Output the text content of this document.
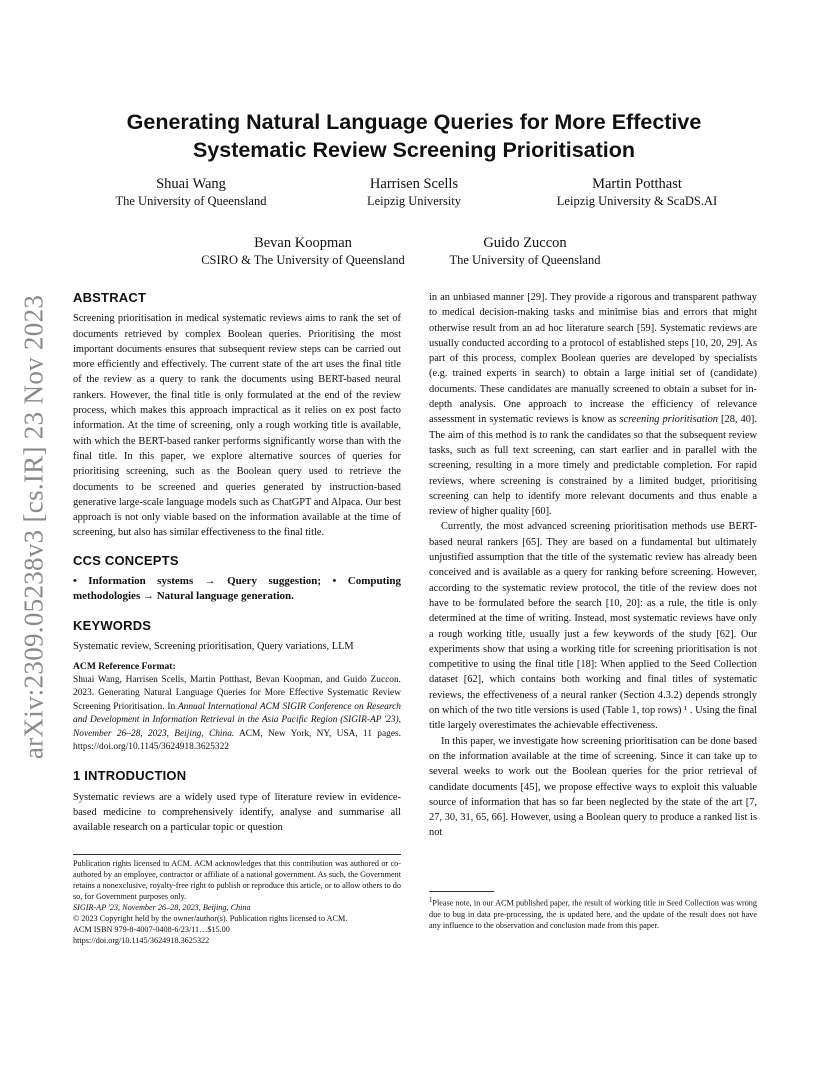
arXiv:2309.05238v3 [cs.IR] 23 Nov 2023
Generating Natural Language Queries for More Effective Systematic Review Screening Prioritisation
Shuai Wang
The University of Queensland
Harrisen Scells
Leipzig University
Martin Potthast
Leipzig University & ScaDS.AI
Bevan Koopman
CSIRO & The University of Queensland
Guido Zuccon
The University of Queensland
ABSTRACT

Screening prioritisation in medical systematic reviews aims to rank the set of documents retrieved by complex Boolean queries. Prioritising the most important documents ensures that subsequent review steps can be carried out more efficiently and effectively. The current state of the art uses the final title of the review as a query to rank the documents using BERT-based neural rankers. However, the final title is only formulated at the end of the review process, which makes this approach impractical as it relies on ex post facto information. At the time of screening, only a rough working title is available, with which the BERT-based ranker performs significantly worse than with the final title. In this paper, we explore alternative sources of queries for prioritising screening, such as the Boolean query used to retrieve the documents to be screened and queries generated by instruction-based generative large-scale language models such as ChatGPT and Alpaca. Our best approach is not only viable based on the information available at the time of screening, but also has similar effectiveness to the final title.

CCS CONCEPTS

• Information systems → Query suggestion; • Computing methodologies → Natural language generation.

KEYWORDS

Systematic review, Screening prioritisation, Query variations, LLM

ACM Reference Format:

Shuai Wang, Harrisen Scells, Martin Potthast, Bevan Koopman, and Guido Zuccon. 2023. Generating Natural Language Queries for More Effective Systematic Review Screening Prioritisation. In Annual International ACM SIGIR Conference on Research and Development in Information Retrieval in the Asia Pacific Region (SIGIR-AP '23), November 26–28, 2023, Beijing, China. ACM, New York, NY, USA, 11 pages. https://doi.org/10.1145/3624918.3625322

1 INTRODUCTION

Systematic reviews are a widely used type of literature review in evidence-based medicine to comprehensively identify, analyse and summarise all available research on a particular topic or question

Publication rights licensed to ACM. ACM acknowledges that this contribution was authored or co-authored by an employee, contractor or affiliate of a national government. As such, the Government retains a nonexclusive, royalty-free right to publish or reproduce this article, or to allow others to do so, for Government purposes only.

SIGIR-AP '23, November 26–28, 2023, Beijing, China
© 2023 Copyright held by the owner/author(s). Publication rights licensed to ACM.
ACM ISBN 979-8-4007-0408-6/23/11…$15.00
https://doi.org/10.1145/3624918.3625322

in an unbiased manner [29]. They provide a rigorous and transparent pathway to medical decision-making tasks and minimise bias and errors that might otherwise result from an ad hoc literature search [59]. Systematic reviews are usually conducted according to a protocol of established steps [10, 20, 29]. As part of this process, complex Boolean queries are developed by specialists (e.g. trained experts in search) to obtain a large initial set of (candidate) documents. These candidates are manually screened to obtain a subset for in-depth analysis. One approach to increase the efficiency of relevance assessment in systematic reviews is know as screening prioritisation [28, 40]. The aim of this method is to rank the candidates so that the subsequent review tasks, such as full text screening, can start earlier and in parallel with the screening, resulting in a more timely and predictable completion. For rapid reviews, where screening is constrained by a limited budget, prioritising screening can help to identify more relevant documents and thus enable a review of higher quality [60].

Currently, the most advanced screening prioritisation methods use BERT-based neural rankers [65]. They are based on a fundamental but ultimately unjustified assumption that the title of the systematic review has already been conceived and is available as a query for ranking before screening. However, according to the systematic review protocol, the title of the review does not have to be formulated before the search [10, 20]: as a rule, the title is only determined at the time of writing. Instead, most systematic reviews have only a rough working title, usually just a few keywords of the study [62]. Our experiments show that using a working title for screening prioritisation is not competitive to using the final title [18]: When applied to the Seed Collection dataset [62], which contains both working and final titles of systematic reviews, the effectiveness of a neural ranker (Section 4.3.2) depends strongly on which of the two title versions is used (Table 1, top rows) ¹ . Using the final title largely overestimates the achievable effectiveness.

In this paper, we investigate how screening prioritisation can be done based on the information available at the time of screening. Since it can take up to several weeks to work out the Boolean queries for the prior retrieval of candidate documents [45], we propose effective ways to exploit this valuable source of information that has so far been neglected by the state of the art [7, 27, 30, 31, 65, 66]. However, using a Boolean query to produce a ranked list is not

$^1$Please note, in our ACM published paper, the result of working title in Seed Collection was wrong due to bug in data pre-processing, the is updated here, and the update of the result does not have any influence to the observation and conclusion made from this paper.
